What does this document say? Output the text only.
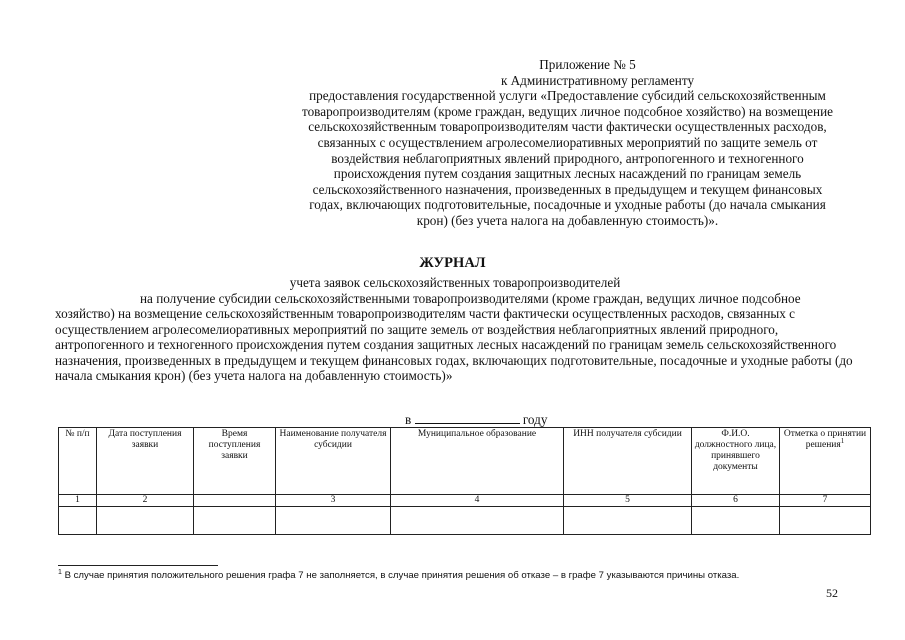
Приложение № 5
к Административному регламенту
предоставления государственной услуги «Предоставление субсидий сельскохозяйственным товаропроизводителям (кроме граждан, ведущих личное подсобное хозяйство) на возмещение сельскохозяйственным товаропроизводителям части фактически осуществленных расходов, связанных с осуществлением агролесомелиоративных мероприятий по защите земель от воздействия неблагоприятных явлений природного, антропогенного и техногенного происхождения путем создания защитных лесных насаждений по границам земель сельскохозяйственного назначения, произведенных в предыдущем и текущем финансовых годах, включающих подготовительные, посадочные и уходные работы (до начала смыкания крон) (без учета налога на добавленную стоимость)».
ЖУРНАЛ
учета заявок сельскохозяйственных товаропроизводителей
на получение субсидии сельскохозяйственными товаропроизводителями (кроме граждан, ведущих личное подсобное хозяйство) на возмещение сельскохозяйственным товаропроизводителям части фактически осуществленных расходов, связанных с осуществлением агролесомелиоративных мероприятий по защите земель от воздействия неблагоприятных явлений природного, антропогенного и техногенного происхождения путем создания защитных лесных насаждений по границам земель сельскохозяйственного назначения, произведенных в предыдущем и текущем финансовых годах, включающих подготовительные, посадочные и уходные работы (до начала смыкания крон) (без учета налога на добавленную стоимость)»
в	году
№ п/п	Дата поступления заявки	Время поступления заявки	Наименование получателя субсидии	Муниципальное образование	ИНН получателя субсидии	Ф.И.О. должностного лица, принявшего документы	Отметка о принятии решения$^1$
1	2		3	4	5	6	7

$^1$ В случае принятия положительного решения графа 7 не заполняется, в случае принятия решения об отказе – в графе 7 указываются причины отказа.
52
